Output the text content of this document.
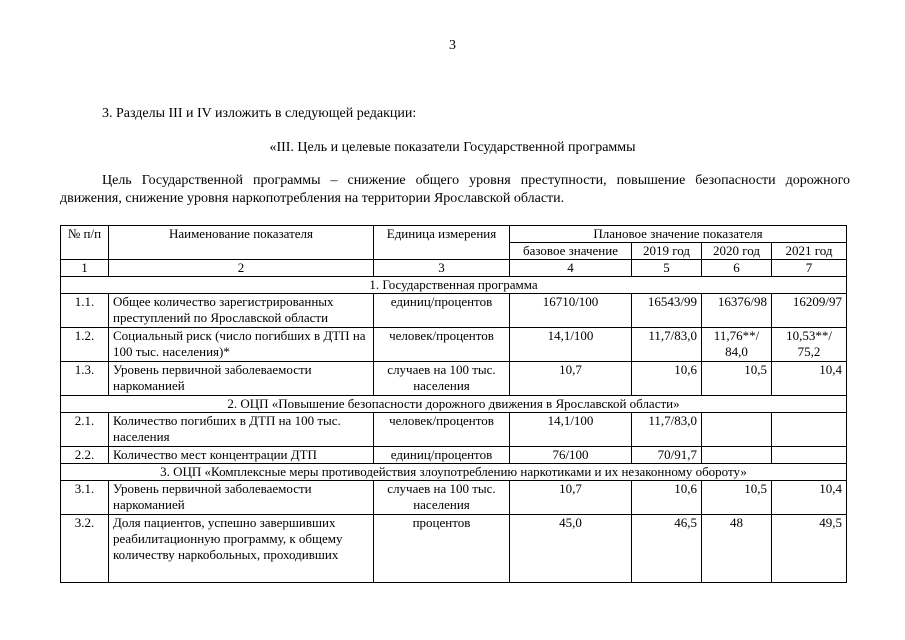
3
3. Разделы III и IV изложить в следующей редакции:
«III. Цель и целевые показатели Государственной программы
Цель Государственной программы – снижение общего уровня преступности, повышение безопасности дорожного движения, снижение уровня наркопотребления на территории Ярославской области.
№ п/п	Наименование показателя	Единица измерения	Плановое значение показателя			
			базовое значение	2019 год	2020 год	2021 год
1	2	3	4	5	6	7
1. Государственная программа						
1.1.	Общее количество зарегистрированных преступлений по Ярославской области	единиц/процентов	16710/100	16543/99	16376/98	16209/97
1.2.	Социальный риск (число погибших в ДТП на 100 тыс. населения)*	человек/процентов	14,1/100	11,7/83,0	11,76**/ 84,0	10,53**/ 75,2
1.3.	Уровень первичной заболеваемости наркоманией	случаев на 100 тыс. населения	10,7	10,6	10,5	10,4
2. ОЦП «Повышение безопасности дорожного движения в Ярославской области»						
2.1.	Количество погибших в ДТП на 100 тыс. населения	человек/процентов	14,1/100	11,7/83,0		
2.2.	Количество мест концентрации ДТП	единиц/процентов	76/100	70/91,7		
3. ОЦП «Комплексные меры противодействия злоупотреблению наркотиками и их незаконному обороту»						
3.1.	Уровень первичной заболеваемости наркоманией	случаев на 100 тыс. населения	10,7	10,6	10,5	10,4
3.2.	Доля пациентов, успешно завершивших реабилитационную программу, к общему количеству наркобольных, проходивших	процентов	45,0	46,5	48	49,5
